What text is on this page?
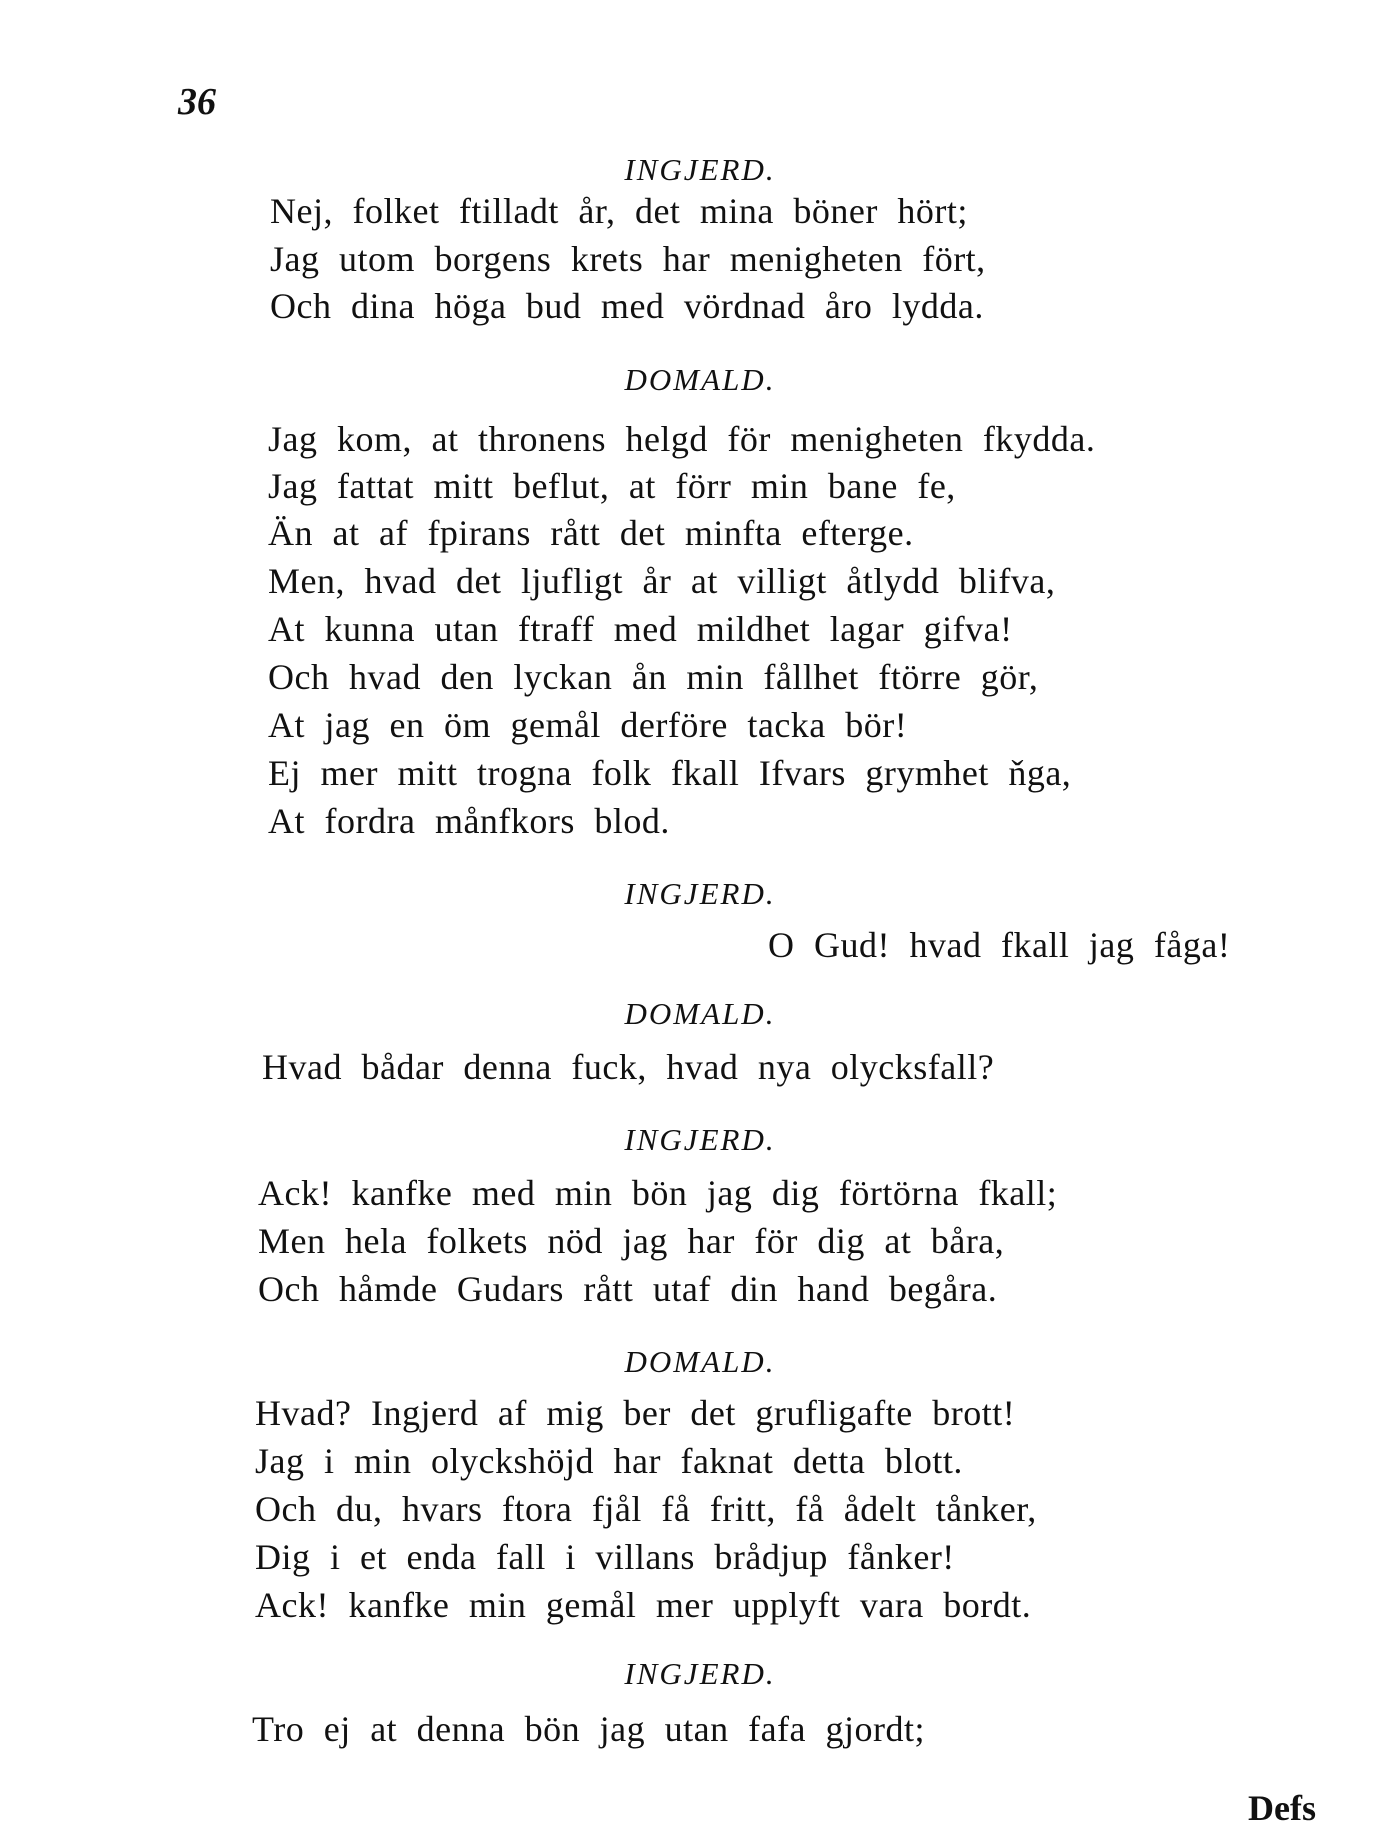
36
INGJERD.
Nej, folket ftilladt år, det mina böner hört;
Jag utom borgens krets har menigheten fört,
Och dina höga bud med vördnad åro lydda.
DOMALD.
Jag kom, at thronens helgd för menigheten fkydda.
Jag fattat mitt beflut, at förr min bane fe,
Än at af fpirans rått det minfta efterge.
Men, hvad det ljufligt år at villigt åtlydd blifva,
At kunna utan ftraff med mildhet lagar gifva!
Och hvad den lyckan ån min fållhet ftörre gör,
At jag en öm gemål derföre tacka bör!
Ej mer mitt trogna folk fkall Ifvars grymhet ňga,
At fordra månfkors blod.
INGJERD.
O Gud! hvad fkall jag fåga!
DOMALD.
Hvad bådar denna fuck, hvad nya olycksfall?
INGJERD.
Ack! kanfke med min bön jag dig förtörna fkall;
Men hela folkets nöd jag har för dig at båra,
Och håmde Gudars rått utaf din hand begåra.
DOMALD.
Hvad? Ingjerd af mig ber det grufligafte brott!
Jag i min olyckshöjd har faknat detta blott.
Och du, hvars ftora fjål få fritt, få ådelt tånker,
Dig i et enda fall i villans brådjup fånker!
Ack! kanfke min gemål mer upplyft vara bordt.
INGJERD.
Tro ej at denna bön jag utan fafa gjordt;
Defs
